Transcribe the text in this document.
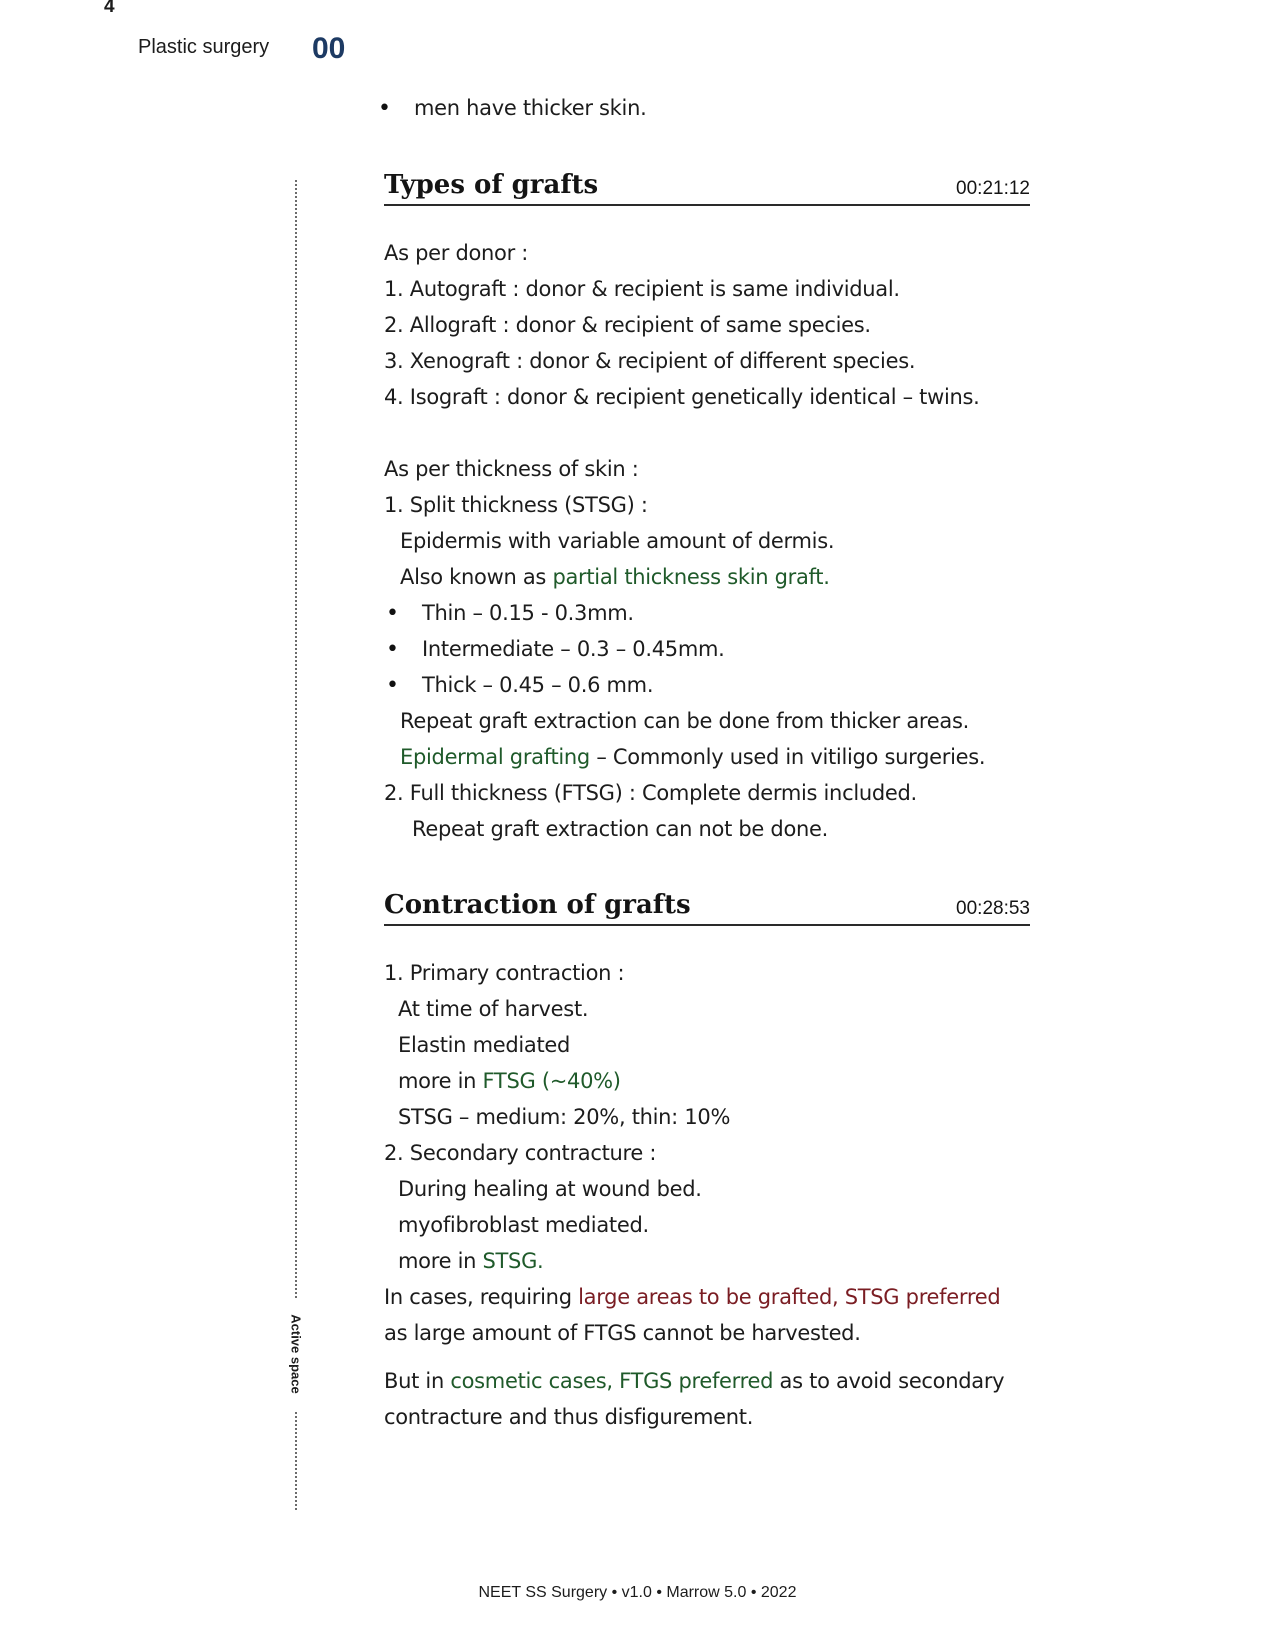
4
Plastic surgery 00
Active space
• men have thicker skin.
Types of grafts	00:21:12
As per donor :
1. Autograft : donor & recipient is same individual.
2. Allograft : donor & recipient of same species.
3. Xenograft : donor & recipient of different species.
4. Isograft : donor & recipient genetically identical – twins.
As per thickness of skin :
1. Split thickness (STSG) :
Epidermis with variable amount of dermis.
Also known as partial thickness skin graft.
• Thin – 0.15 - 0.3mm.
• Intermediate – 0.3 – 0.45mm.
• Thick – 0.45 – 0.6 mm.
Repeat graft extraction can be done from thicker areas.
Epidermal grafting – Commonly used in vitiligo surgeries.
2. Full thickness (FTSG) : Complete dermis included.
Repeat graft extraction can not be done.
Contraction of grafts	00:28:53
1. Primary contraction :
At time of harvest.
Elastin mediated
more in FTSG (~40%)
STSG – medium: 20%, thin: 10%
2. Secondary contracture :
During healing at wound bed.
myofibroblast mediated.
more in STSG.
In cases, requiring large areas to be grafted, STSG preferred
as large amount of FTGS cannot be harvested.
But in cosmetic cases, FTGS preferred as to avoid secondary
contracture and thus disfigurement.
NEET SS Surgery • v1.0 • Marrow 5.0 • 2022
